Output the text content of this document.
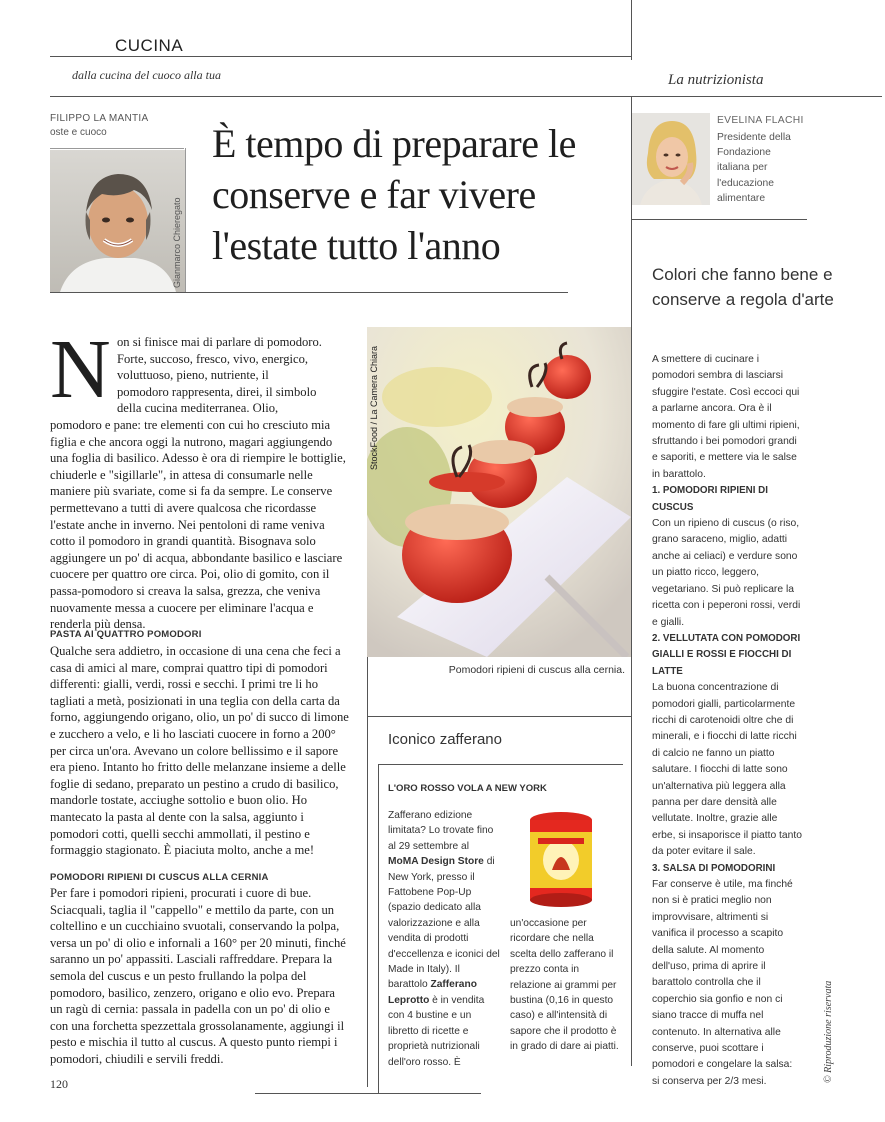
CUCINA
dalla cucina del cuoco alla tua	La nutrizionista
FILIPPO LA MANTIA
oste e cuoco
Gianmarco Chieregato
È tempo di preparare le conserve e far vivere l'estate tutto l'anno
EVELINA FLACHI
Presidente della
Fondazione
italiana per
l'educazione
alimentare
N on si finisce mai di parlare di pomodoro.
Forte, succoso, fresco, vivo, energico,
voluttuoso, pieno, nutriente, il
pomodoro rappresenta, direi, il simbolo
della cucina mediterranea. Olio,
pomodoro e pane: tre elementi con cui ho cresciuto mia figlia e che ancora oggi la nutrono, magari aggiungendo una foglia di basilico. Adesso è ora di riempire le bottiglie, chiuderle e "sigillarle", in attesa di consumarle nelle maniere più svariate, come si fa da sempre. Le conserve permettevano a tutti di avere qualcosa che ricordasse l'estate anche in inverno. Nei pentoloni di rame veniva cotto il pomodoro in grandi quantità. Bisognava solo aggiungere un po' di acqua, abbondante basilico e lasciare cuocere per quattro ore circa. Poi, olio di gomito, con il passa-pomodoro si creava la salsa, grezza, che veniva nuovamente messa a cuocere per eliminare l'acqua e renderla più densa.
PASTA AI QUATTRO POMODORI
Qualche sera addietro, in occasione di una cena che feci a casa di amici al mare, comprai quattro tipi di pomodori differenti: gialli, verdi, rossi e secchi. I primi tre li ho tagliati a metà, posizionati in una teglia con della carta da forno, aggiungendo origano, olio, un po' di succo di limone e zucchero a velo, e li ho lasciati cuocere in forno a 200° per circa un'ora. Avevano un colore bellissimo e il sapore era pieno. Intanto ho fritto delle melanzane insieme a delle foglie di sedano, preparato un pestino a crudo di basilico, mandorle tostate, acciughe sottolio e buon olio. Ho mantecato la pasta al dente con la salsa, aggiunto i pomodori cotti, quelli secchi ammollati, il pestino e formaggio stagionato. È piaciuta molto, anche a me!
POMODORI RIPIENI DI CUSCUS ALLA CERNIA
Per fare i pomodori ripieni, procurati i cuore di bue. Sciacquali, taglia il "cappello" e mettilo da parte, con un coltellino e un cucchiaino svuotali, conservando la polpa, versa un po' di olio e infornali a 160° per 20 minuti, finché saranno un po' appassiti. Lasciali raffreddare. Prepara la semola del cuscus e un pesto frullando la polpa del pomodoro, basilico, zenzero, origano e olio evo. Prepara un ragù di cernia: passala in padella con un po' di olio e con una forchetta spezzettala grossolanamente, aggiungi il pesto e mischia il tutto al cuscus. A questo punto riempi i pomodori, chiudili e servili freddi.
StockFood / La Camera Chiara
Pomodori ripieni di cuscus alla cernia.
Iconico zafferano
L'ORO ROSSO VOLA A NEW YORK
Zafferano edizione limitata? Lo trovate fino al 29 settembre al MoMA Design Store di New York, presso il Fattobene Pop-Up (spazio dedicato alla valorizzazione e alla vendita di prodotti d'eccellenza e iconici del Made in Italy). Il barattolo Zafferano Leprotto è in vendita con 4 bustine e un libretto di ricette e proprietà nutrizionali dell'oro rosso. È
un'occasione per ricordare che nella scelta dello zafferano il prezzo conta in relazione ai grammi per bustina (0,16 in questo caso) e all'intensità di sapore che il prodotto è in grado di dare ai piatti.
Colori che fanno bene e conserve a regola d'arte
A smettere di cucinare i pomodori sembra di lasciarsi sfuggire l'estate. Così eccoci qui a parlarne ancora. Ora è il momento di fare gli ultimi ripieni, sfruttando i bei pomodori grandi e saporiti, e mettere via le salse in barattolo.
1. POMODORI RIPIENI DI CUSCUS
Con un ripieno di cuscus (o riso, grano saraceno, miglio, adatti anche ai celiaci) e verdure sono un piatto ricco, leggero, vegetariano. Si può replicare la ricetta con i peperoni rossi, verdi e gialli.
2. VELLUTATA CON POMODORI GIALLI E ROSSI E FIOCCHI DI LATTE
La buona concentrazione di pomodori gialli, particolarmente ricchi di carotenoidi oltre che di minerali, e i fiocchi di latte ricchi di calcio ne fanno un piatto salutare. I fiocchi di latte sono un'alternativa più leggera alla panna per dare densità alle vellutate. Inoltre, grazie alle erbe, si insaporisce il piatto tanto da poter evitare il sale.
3. SALSA DI POMODORINI
Far conserve è utile, ma finché non si è pratici meglio non improvvisare, altrimenti si vanifica il processo a scapito della salute. Al momento dell'uso, prima di aprire il barattolo controlla che il coperchio sia gonfio e non ci siano tracce di muffa nel contenuto. In alternativa alle conserve, puoi scottare i pomodori e congelare la salsa: si conserva per 2/3 mesi.
120
© Riproduzione riservata
